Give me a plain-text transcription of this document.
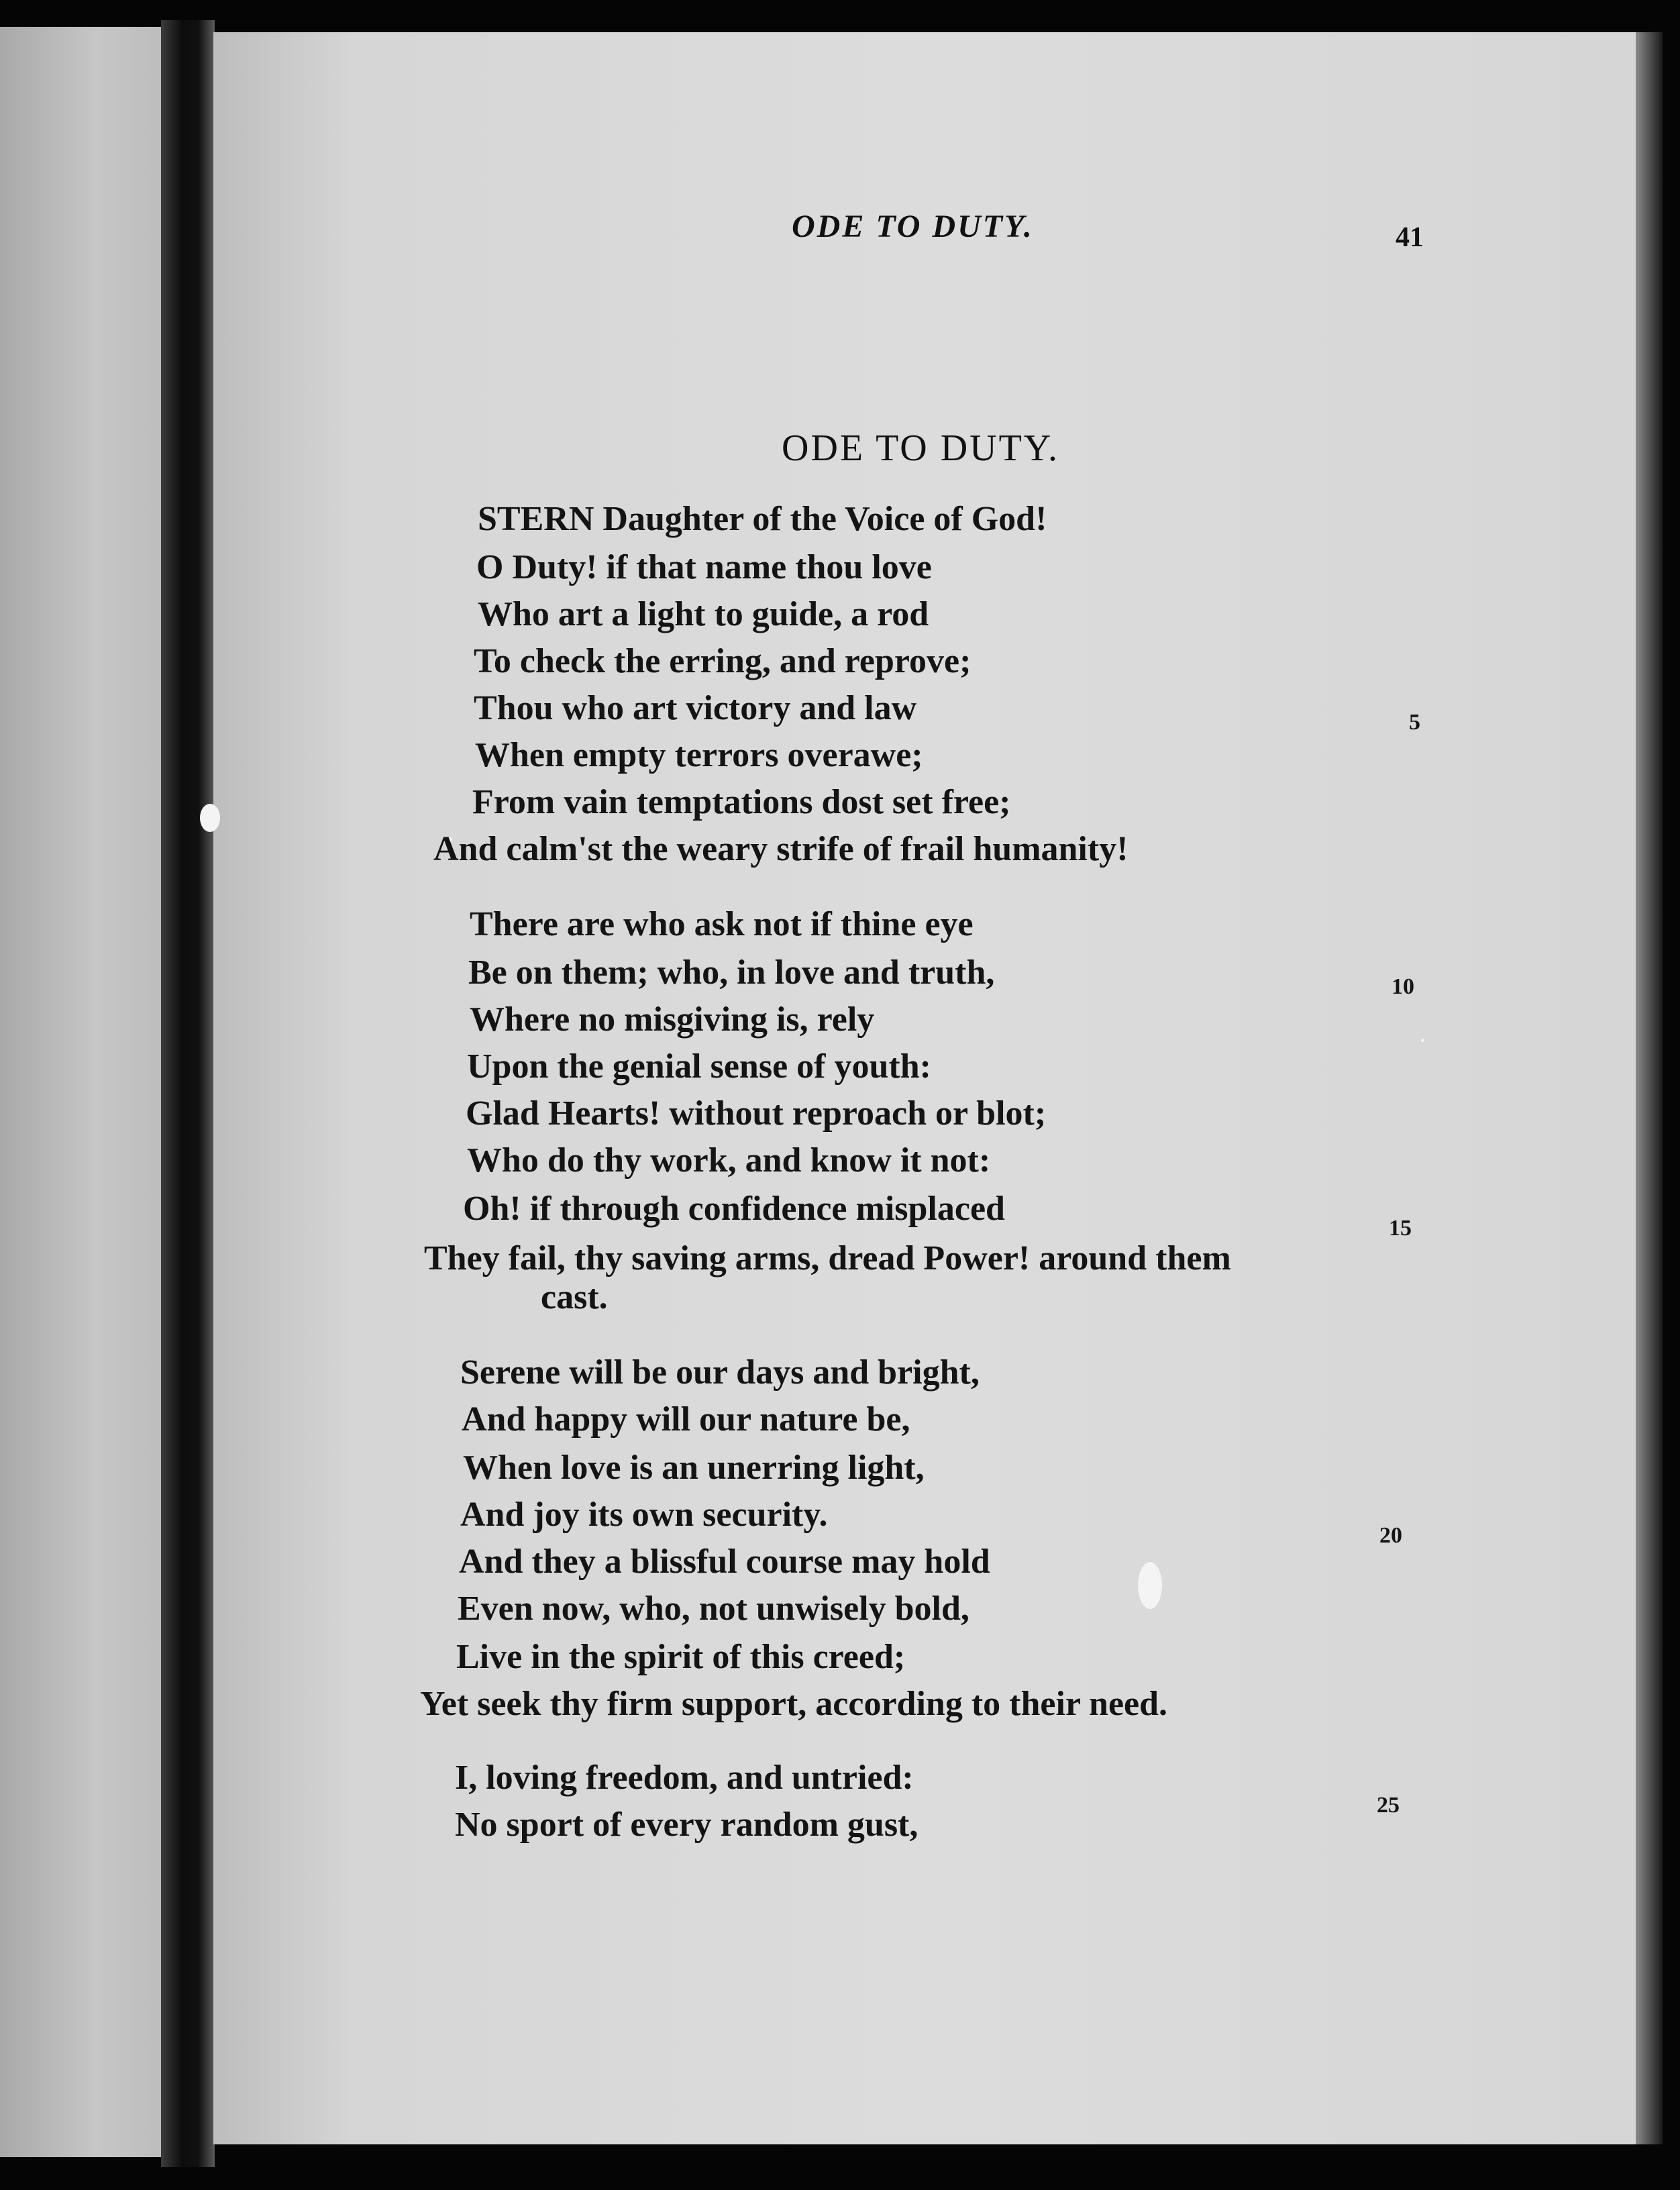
ODE TO DUTY.	41
ODE TO DUTY.
STERN Daughter of the Voice of God!
O Duty! if that name thou love
Who art a light to guide, a rod
To check the erring, and reprove;
Thou who art victory and law
When empty terrors overawe;
From vain temptations dost set free;
And calm'st the weary strife of frail humanity!
There are who ask not if thine eye
Be on them; who, in love and truth,
Where no misgiving is, rely
Upon the genial sense of youth:
Glad Hearts! without reproach or blot;
Who do thy work, and know it not:
Oh! if through confidence misplaced
They fail, thy saving arms, dread Power! around them
cast.
Serene will be our days and bright,
And happy will our nature be,
When love is an unerring light,
And joy its own security.
And they a blissful course may hold
Even now, who, not unwisely bold,
Live in the spirit of this creed;
Yet seek thy firm support, according to their need.
I, loving freedom, and untried:
No sport of every random gust,
5
10
15
20
25
